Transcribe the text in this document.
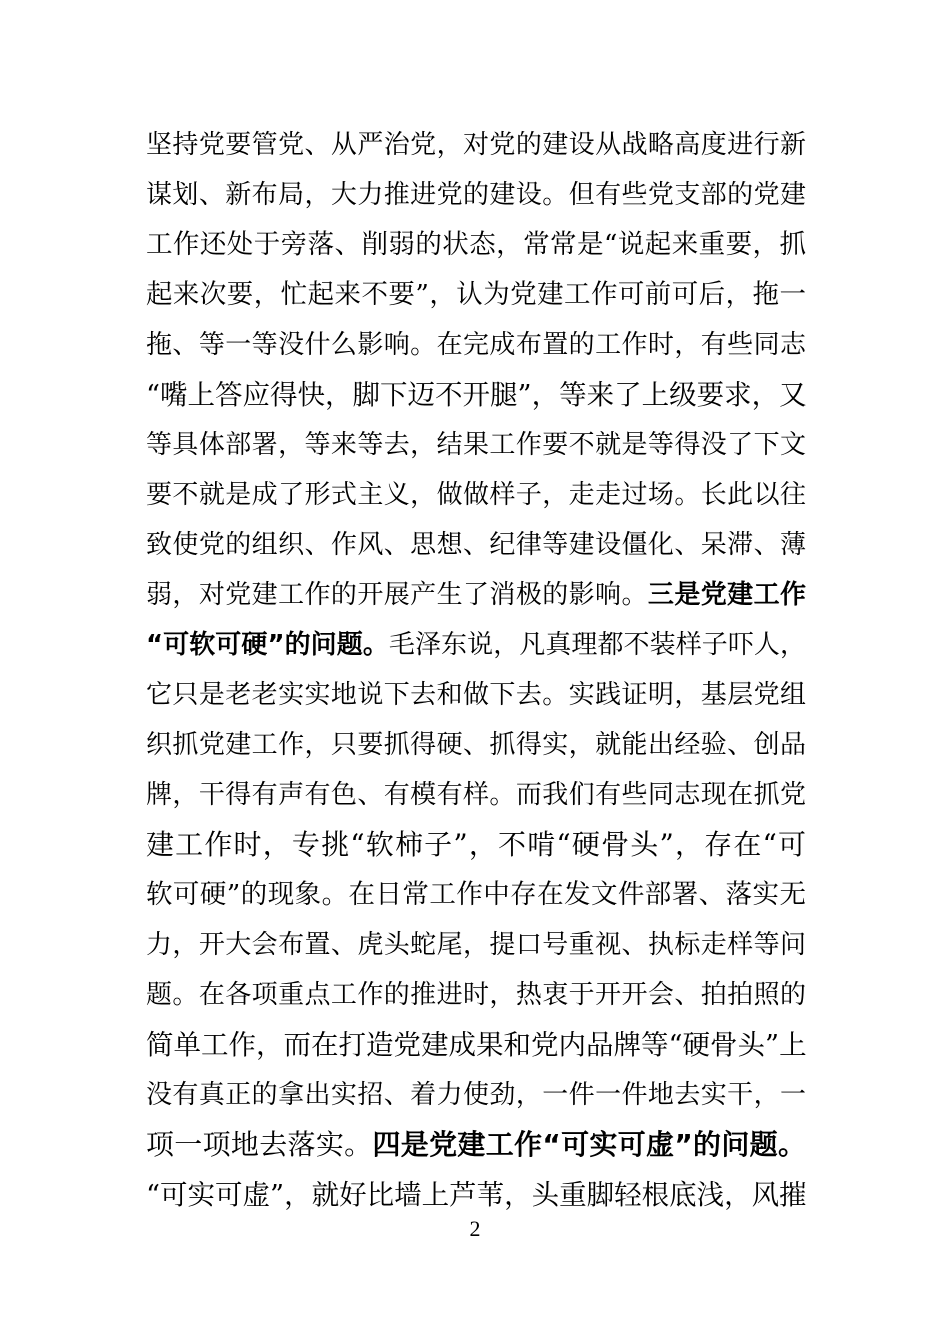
坚持党要管党、从严治党，对党的建设从战略高度进行新
谋划、新布局，大力推进党的建设。但有些党支部的党建
工作还处于旁落、削弱的状态，常常是“说起来重要，抓
起来次要，忙起来不要”，认为党建工作可前可后，拖一
拖、等一等没什么影响。在完成布置的工作时，有些同志
“嘴上答应得快，脚下迈不开腿”，等来了上级要求，又
等具体部署，等来等去，结果工作要不就是等得没了下文
要不就是成了形式主义，做做样子，走走过场。长此以往
致使党的组织、作风、思想、纪律等建设僵化、呆滞、薄
弱，对党建工作的开展产生了消极的影响。三是党建工作
“可软可硬”的问题。毛泽东说，凡真理都不装样子吓人，
它只是老老实实地说下去和做下去。实践证明，基层党组
织抓党建工作，只要抓得硬、抓得实，就能出经验、创品
牌，干得有声有色、有模有样。而我们有些同志现在抓党
建工作时，专挑“软柿子”，不啃“硬骨头”，存在“可
软可硬”的现象。在日常工作中存在发文件部署、落实无
力，开大会布置、虎头蛇尾，提口号重视、执标走样等问
题。在各项重点工作的推进时，热衷于开开会、拍拍照的
简单工作，而在打造党建成果和党内品牌等“硬骨头”上
没有真正的拿出实招、着力使劲，一件一件地去实干，一
项一项地去落实。四是党建工作“可实可虚”的问题。
“可实可虚”，就好比墙上芦苇，头重脚轻根底浅，风摧
2
